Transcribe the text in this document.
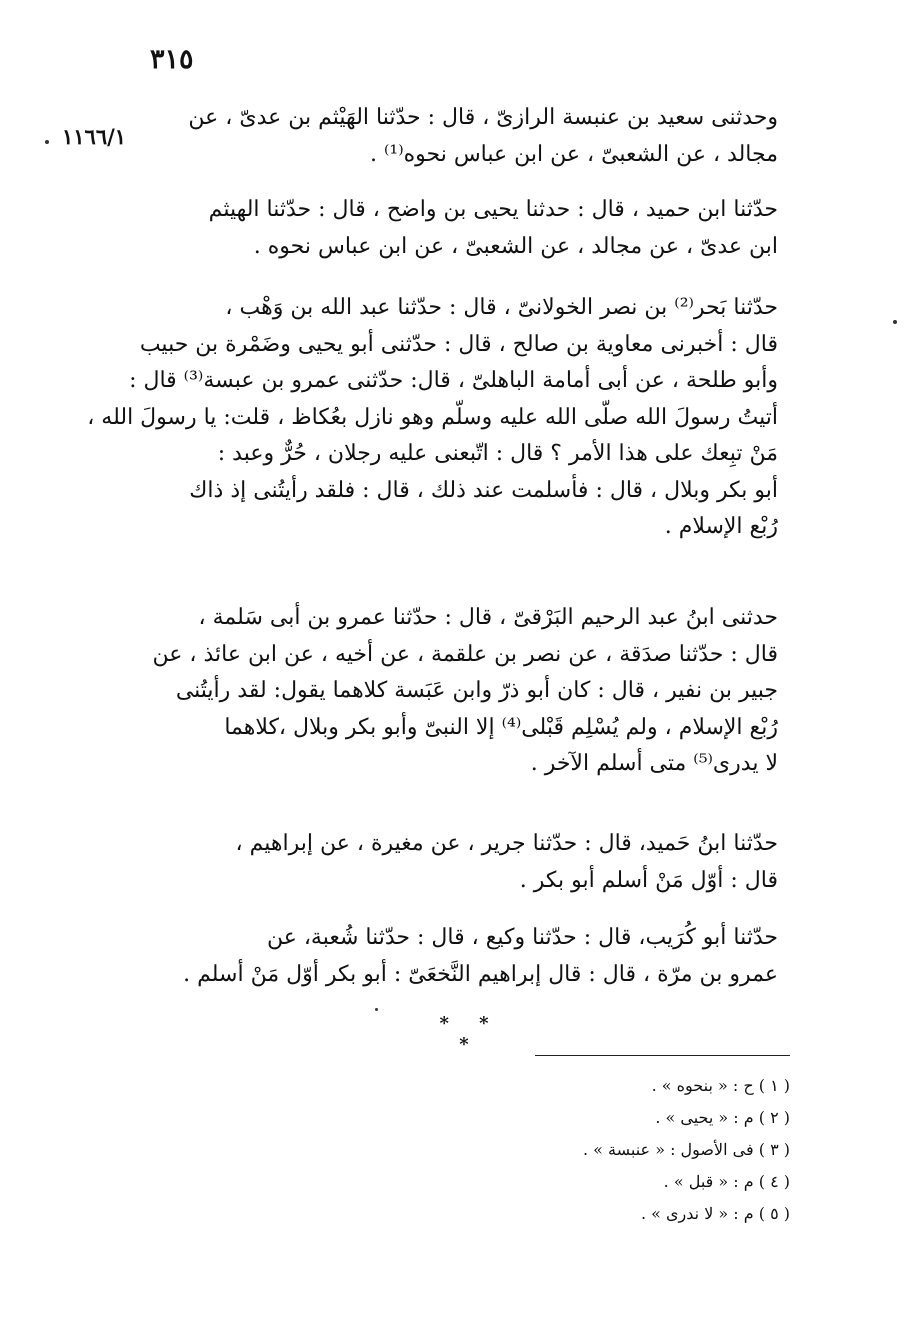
٣١٥
١١٦٦/١
وحدثنى سعيد بن عنبسة الرازىّ ، قال : حدّثنا الهَيْثم بن عدىّ ، عن
مجالد ، عن الشعبىّ ، عن ابن عباس نحوه⁽¹⁾ .
حدّثنا ابن حميد ، قال : حدثنا يحيى بن واضح ، قال : حدّثنا الهيثم
ابن عدىّ ، عن مجالد ، عن الشعبىّ ، عن ابن عباس نحوه .
حدّثنا بَحر⁽²⁾ بن نصر الخولانىّ ، قال : حدّثنا عبد الله بن وَهْب ،
قال : أخبرنى معاوية بن صالح ، قال : حدّثنى أبو يحيى وضَمْرة بن حبيب
وأبو طلحة ، عن أبى أمامة الباهلىّ ، قال: حدّثنى عمرو بن عبسة⁽³⁾ قال :
أتيتُ رسولَ الله صلّى الله عليه وسلّم وهو نازل بعُكاظ ، قلت: يا رسولَ الله ،
مَنْ تبِعك على هذا الأمر ؟ قال : اتّبعنى عليه رجلان ، حُرٌّ وعبد :
أبو بكر وبلال ، قال : فأسلمت عند ذلك ، قال : فلقد رأيتُنى إذ ذاك
رُبْع الإسلام .
حدثنى ابنُ عبد الرحيم البَرْقىّ ، قال : حدّثنا عمرو بن أبى سَلمة ،
قال : حدّثنا صدَقة ، عن نصر بن علقمة ، عن أخيه ، عن ابن عائذ ، عن
جبير بن نفير ، قال : كان أبو ذرّ وابن عَبَسة كلاهما يقول: لقد رأيتُنى
رُبْع الإسلام ، ولم يُسْلِم قَبْلى⁽⁴⁾ إلا النبىّ وأبو بكر وبلال ،كلاهما
لا يدرى⁽⁵⁾ متى أسلم الآخر .
حدّثنا ابنُ حَميد، قال : حدّثنا جرير ، عن مغيرة ، عن إبراهيم ،
قال : أوّل مَنْ أسلم أبو بكر .
حدّثنا أبو كُرَيب، قال : حدّثنا وكيع ، قال : حدّثنا شُعبة، عن
عمرو بن مرّة ، قال : قال إبراهيم النَّخعَىّ : أبو بكر أوّل مَنْ أسلم .
* * *
( ١ ) ح : « بنحوه » .
( ٢ ) م : « يحيى » .
( ٣ ) فى الأصول : « عنبسة » .
( ٤ ) م : « قبل » .
( ٥ ) م : « لا ندرى » .
